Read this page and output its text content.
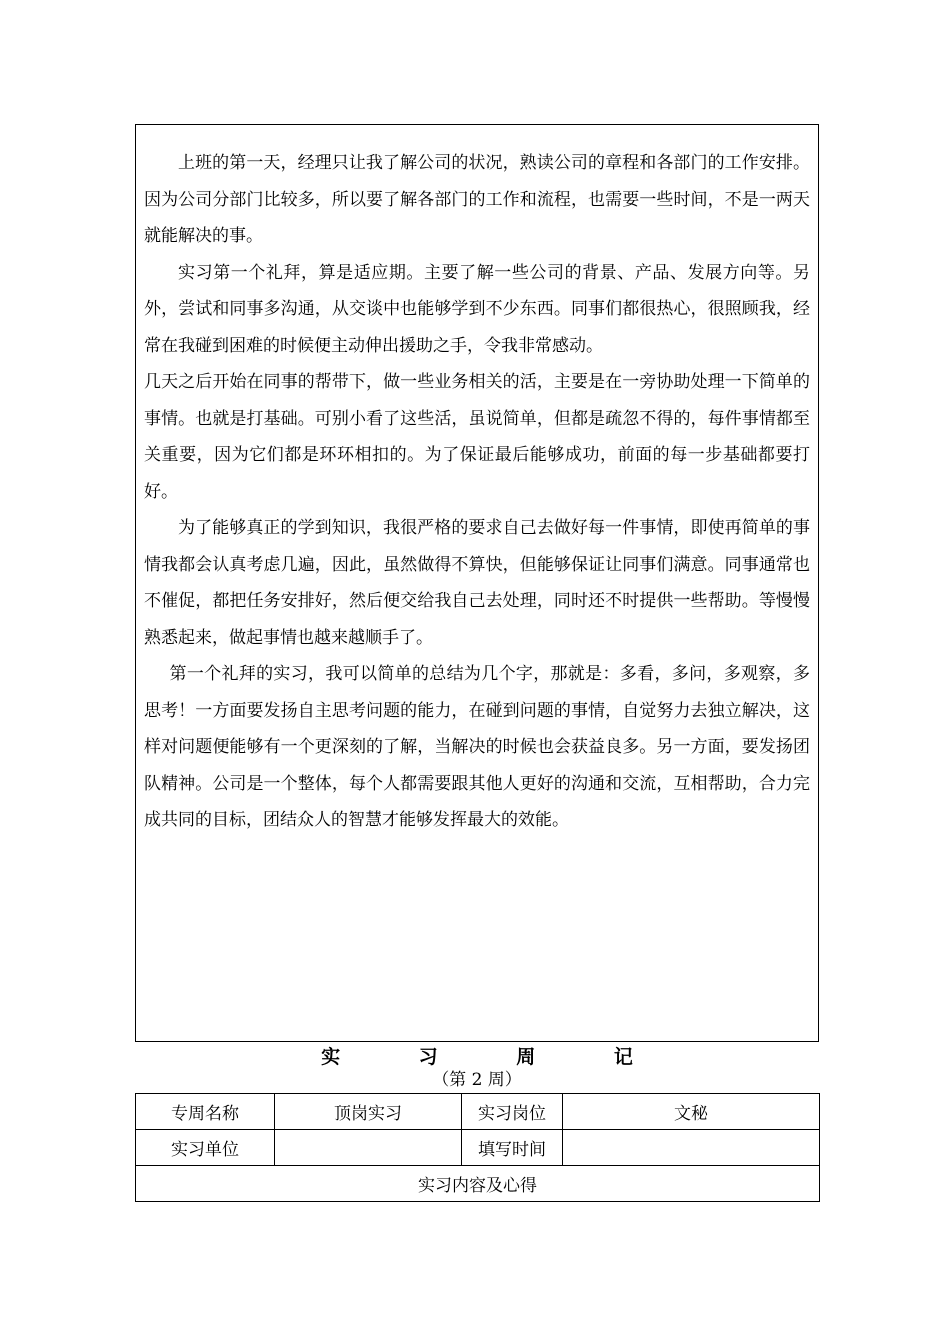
上班的第一天，经理只让我了解公司的状况，熟读公司的章程和各部门的工作安排。因为公司分部门比较多，所以要了解各部门的工作和流程，也需要一些时间，不是一两天就能解决的事。

实习第一个礼拜，算是适应期。主要了解一些公司的背景、产品、发展方向等。另外，尝试和同事多沟通，从交谈中也能够学到不少东西。同事们都很热心，很照顾我，经常在我碰到困难的时候便主动伸出援助之手，令我非常感动。

几天之后开始在同事的帮带下，做一些业务相关的活，主要是在一旁协助处理一下简单的事情。也就是打基础。可别小看了这些活，虽说简单，但都是疏忽不得的，每件事情都至关重要，因为它们都是环环相扣的。为了保证最后能够成功，前面的每一步基础都要打好。

为了能够真正的学到知识，我很严格的要求自己去做好每一件事情，即使再简单的事情我都会认真考虑几遍，因此，虽然做得不算快，但能够保证让同事们满意。同事通常也不催促，都把任务安排好，然后便交给我自己去处理，同时还不时提供一些帮助。等慢慢熟悉起来，做起事情也越来越顺手了。

第一个礼拜的实习，我可以简单的总结为几个字，那就是：多看，多问，多观察，多思考！一方面要发扬自主思考问题的能力，在碰到问题的事情，自觉努力去独立解决，这样对问题便能够有一个更深刻的了解，当解决的时候也会获益良多。另一方面，要发扬团队精神。公司是一个整体，每个人都需要跟其他人更好的沟通和交流，互相帮助，合力完成共同的目标，团结众人的智慧才能够发挥最大的效能。

实 习 周 记
（第 2 周）
专周名称	顶岗实习	实习岗位	文秘
实习单位		填写时间	
实习内容及心得			
